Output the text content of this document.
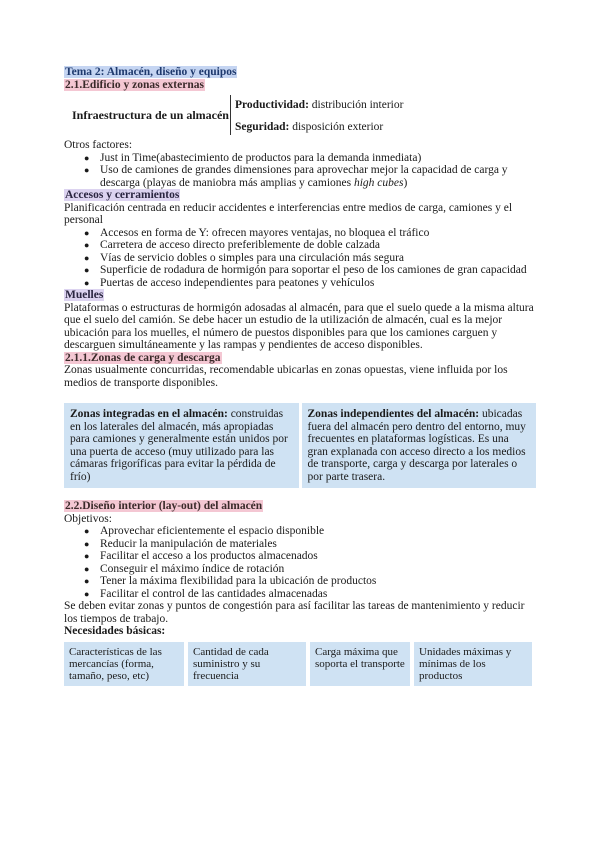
Tema 2: Almacén, diseño y equipos
2.1.Edificio y zonas externas
Infraestructura de un almacén

Productividad: distribución interior

Seguridad: disposición exterior

Otros factores:

● Just in Time(abastecimiento de productos para la demanda inmediata)
● Uso de camiones de grandes dimensiones para aprovechar mejor la capacidad de carga y descarga (playas de maniobra más amplias y camiones high cubes)
Accesos y cerramientos

Planificación centrada en reducir accidentes e interferencias entre medios de carga, camiones y el personal

● Accesos en forma de Y: ofrecen mayores ventajas, no bloquea el tráfico
● Carretera de acceso directo preferiblemente de doble calzada
● Vías de servicio dobles o simples para una circulación más segura
● Superficie de rodadura de hormigón para soportar el peso de los camiones de gran capacidad
● Puertas de acceso independientes para peatones y vehículos
Muelles

Plataformas o estructuras de hormigón adosadas al almacén, para que el suelo quede a la misma altura que el suelo del camión. Se debe hacer un estudio de la utilización de almacén, cual es la mejor ubicación para los muelles, el número de puestos disponibles para que los camiones carguen y descarguen simultáneamente y las rampas y pendientes de acceso disponibles.

2.1.1.Zonas de carga y descarga

Zonas usualmente concurridas, recomendable ubicarlas en zonas opuestas, viene influida por los medios de transporte disponibles.

Zonas integradas en el almacén: construidas en los laterales del almacén, más apropiadas para camiones y generalmente están unidos por una puerta de acceso (muy utilizado para las cámaras frigoríficas para evitar la pérdida de frío)
Zonas independientes del almacén: ubicadas fuera del almacén pero dentro del entorno, muy frecuentes en plataformas logísticas. Es una gran explanada con acceso directo a los medios de transporte, carga y descarga por laterales o por parte trasera.
2.2.Diseño interior (lay-out) del almacén

Objetivos:

● Aprovechar eficientemente el espacio disponible
● Reducir la manipulación de materiales
● Facilitar el acceso a los productos almacenados
● Conseguir el máximo índice de rotación
● Tener la máxima flexibilidad para la ubicación de productos
● Facilitar el control de las cantidades almacenadas

Se deben evitar zonas y puntos de congestión para así facilitar las tareas de mantenimiento y reducir los tiempos de trabajo.

Necesidades básicas:

Características de las mercancías (forma, tamaño, peso, etc)
Cantidad de cada suministro y su frecuencia
Carga máxima que soporta el transporte
Unidades máximas y mínimas de los productos
